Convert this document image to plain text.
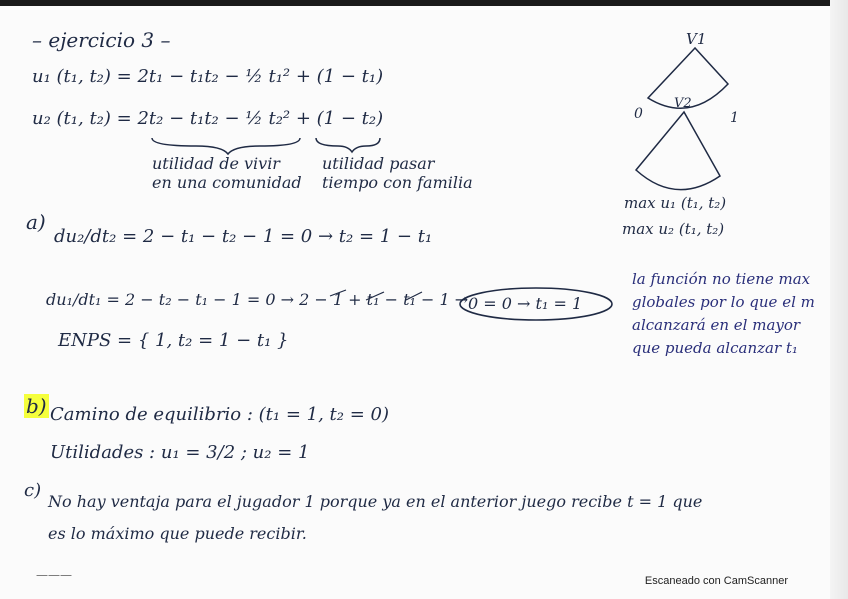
– ejercicio 3 –
u₁ (t₁, t₂) = 2t₁ − t₁t₂ − ½ t₁² + (1 − t₁)
u₂ (t₁, t₂) = 2t₂ − t₁t₂ − ½ t₂² + (1 − t₂)
utilidad de vivir
en una comunidad
utilidad pasar
tiempo con familia
V1
V2
0	1
max u₁ (t₁, t₂)
max u₂ (t₁, t₂)
a)
du₂/dt₂ = 2 − t₁ − t₂ − 1 = 0 → t₂ = 1 − t₁
du₁/dt₁ = 2 − t₂ − t₁ − 1 = 0 → 2 − 1 + t₁ − t₁ − 1 → 0 = 0 → t₁ = 1
ENPS = { 1, t₂ = 1 − t₁ }
la función no tiene max
globales por lo que el m
alcanzará en el mayor
que pueda alcanzar t₁
b) Camino de equilibrio : (t₁ = 1, t₂ = 0)
Utilidades : u₁ = 3/2 ; u₂ = 1
c)
No hay ventaja para el jugador 1 porque ya en el anterior juego recibe t = 1 que
es lo máximo que puede recibir.
———	Escaneado con CamScanner
